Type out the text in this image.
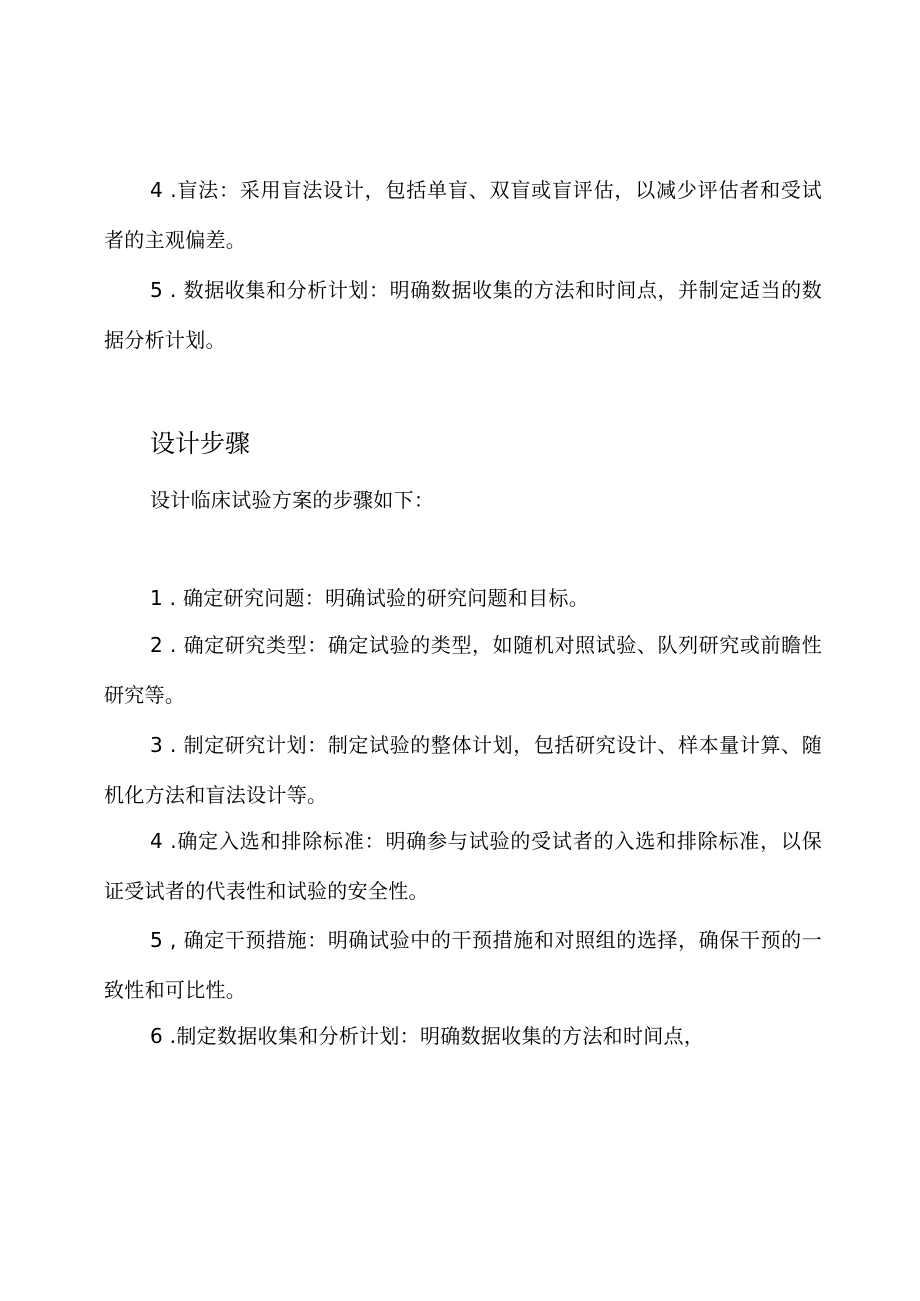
4 .盲法：采用盲法设计，包括单盲、双盲或盲评估，以减少评估者和受试者的主观偏差。

5 . 数据收集和分析计划：明确数据收集的方法和时间点，并制定适当的数据分析计划。

设计步骤

设计临床试验方案的步骤如下：

1 . 确定研究问题：明确试验的研究问题和目标。

2 . 确定研究类型：确定试验的类型，如随机对照试验、队列研究或前瞻性研究等。

3 . 制定研究计划：制定试验的整体计划，包括研究设计、样本量计算、随机化方法和盲法设计等。

4 .确定入选和排除标准：明确参与试验的受试者的入选和排除标准，以保证受试者的代表性和试验的安全性。

5 , 确定干预措施：明确试验中的干预措施和对照组的选择，确保干预的一致性和可比性。

6 .制定数据收集和分析计划：明确数据收集的方法和时间点，
